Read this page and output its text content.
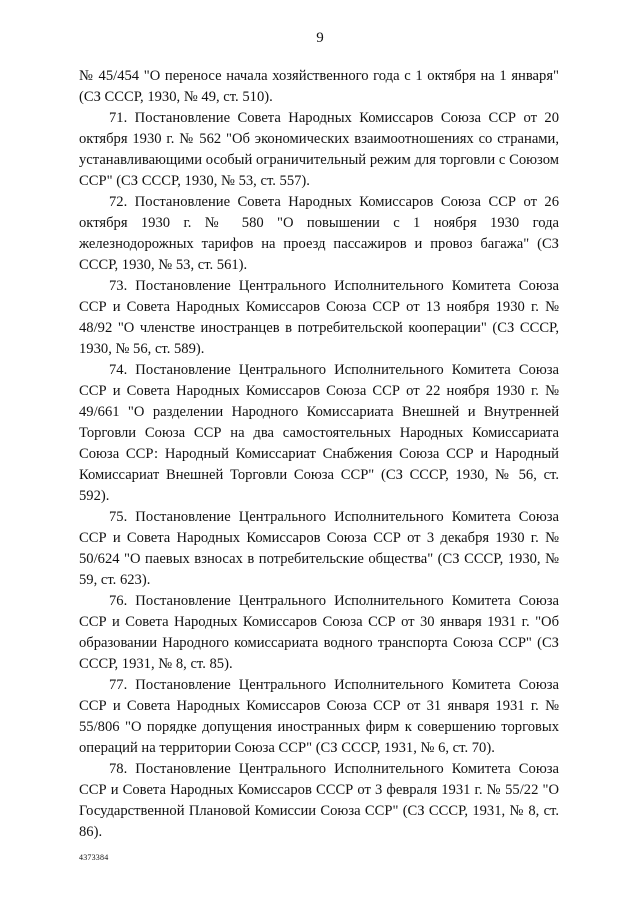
9

№ 45/454 "О переносе начала хозяйственного года с 1 октября на 1 января" (СЗ СССР, 1930, № 49, ст. 510).

71. Постановление Совета Народных Комиссаров Союза ССР от 20 октября 1930 г. № 562 "Об экономических взаимоотношениях со странами, устанавливающими особый ограничительный режим для торговли с Союзом ССР" (СЗ СССР, 1930, № 53, ст. 557).

72. Постановление Совета Народных Комиссаров Союза ССР от 26 октября 1930 г. № 580 "О повышении с 1 ноября 1930 года железнодорожных тарифов на проезд пассажиров и провоз багажа" (СЗ СССР, 1930, № 53, ст. 561).

73. Постановление Центрального Исполнительного Комитета Союза ССР и Совета Народных Комиссаров Союза ССР от 13 ноября 1930 г. № 48/92 "О членстве иностранцев в потребительской кооперации" (СЗ СССР, 1930, № 56, ст. 589).

74. Постановление Центрального Исполнительного Комитета Союза ССР и Совета Народных Комиссаров Союза ССР от 22 ноября 1930 г. № 49/661 "О разделении Народного Комиссариата Внешней и Внутренней Торговли Союза ССР на два самостоятельных Народных Комиссариата Союза ССР: Народный Комиссариат Снабжения Союза ССР и Народный Комиссариат Внешней Торговли Союза ССР" (СЗ СССР, 1930, № 56, ст. 592).

75. Постановление Центрального Исполнительного Комитета Союза ССР и Совета Народных Комиссаров Союза ССР от 3 декабря 1930 г. № 50/624 "О паевых взносах в потребительские общества" (СЗ СССР, 1930, № 59, ст. 623).

76. Постановление Центрального Исполнительного Комитета Союза ССР и Совета Народных Комиссаров Союза ССР от 30 января 1931 г. "Об образовании Народного комиссариата водного транспорта Союза ССР" (СЗ СССР, 1931, № 8, ст. 85).

77. Постановление Центрального Исполнительного Комитета Союза ССР и Совета Народных Комиссаров Союза ССР от 31 января 1931 г. № 55/806 "О порядке допущения иностранных фирм к совершению торговых операций на территории Союза ССР" (СЗ СССР, 1931, № 6, ст. 70).

78. Постановление Центрального Исполнительного Комитета Союза ССР и Совета Народных Комиссаров СССР от 3 февраля 1931 г. № 55/22 "О Государственной Плановой Комиссии Союза ССР" (СЗ СССР, 1931, № 8, ст. 86).

4373384
